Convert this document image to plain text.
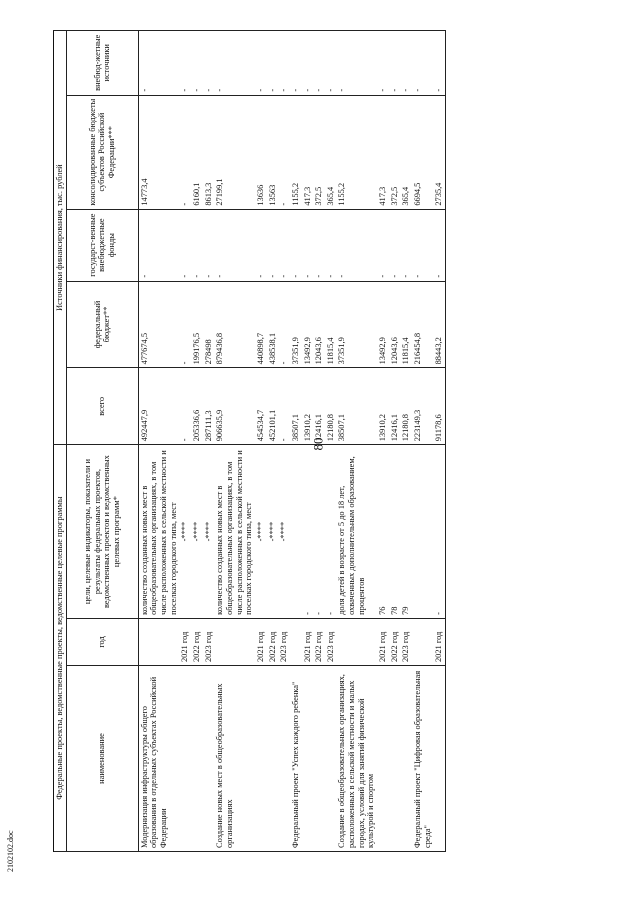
80
Федеральные проекты, ведомственные проекты, ведомственные целевые программы			Источники финансирования, тыс. рублей				
наименование	год	цели, целевые индикаторы, показатели и результаты федеральных проектов, ведомственных проектов и ведомственных целевых программ*	всего	федеральный бюджет**	государст-венные внебюджетные фонды	консолидированные бюджеты субъектов Российской Федерации***	внебюд-жетные источники
Модернизация инфраструктуры общего образования в отдельных субъектах Российской Федерации		количество созданных новых мест в общеобразовательных организациях, в том числе расположенных в сельской местности и поселках городского типа, мест	492447,9	477674,5	-	14773,4	-
	2021 год	-****	-	-	-	-	-
	2022 год	-****	205336,6	199176,5	-	6160,1	-
	2023 год	-****	287111,3	278498	-	8613,3	-
Создание новых мест в общеобразовательных организациях		количество созданных новых мест в общеобразовательных организациях, в том числе расположенных в сельской местности и поселках городского типа, мест	906635,9	879436,8	-	27199,1	-
	2021 год	-****	454534,7	440898,7	-	13636	-
	2022 год	-****	452101,1	438538,1	-	13563	-
	2023 год	-****	-	-	-	-	-
Федеральный проект "Успех каждого ребенка"			38507,1	37351,9	-	1155,2	-
	2021 год	-	13910,2	13492,9	-	417,3	-
	2022 год	-	12416,1	12043,6	-	372,5	-
	2023 год	-	12180,8	11815,4	-	365,4	-
Создание в общеобразовательных организациях, расположенных в сельской местности и малых городах, условий для занятий физической культурой и спортом		доля детей в возрасте от 5 до 18 лет, охваченных дополнительным образованием, процентов	38507,1	37351,9	-	1155,2	-
	2021 год	76	13910,2	13492,9	-	417,3	-
	2022 год	78	12416,1	12043,6	-	372,5	-
	2023 год	79	12180,8	11815,4	-	365,4	-
Федеральный проект "Цифровая образовательная среда"			223149,3	216454,8	-	6694,5	-
	2021 год	-	91178,6	88443,2	-	2735,4	-
2102102.doc
